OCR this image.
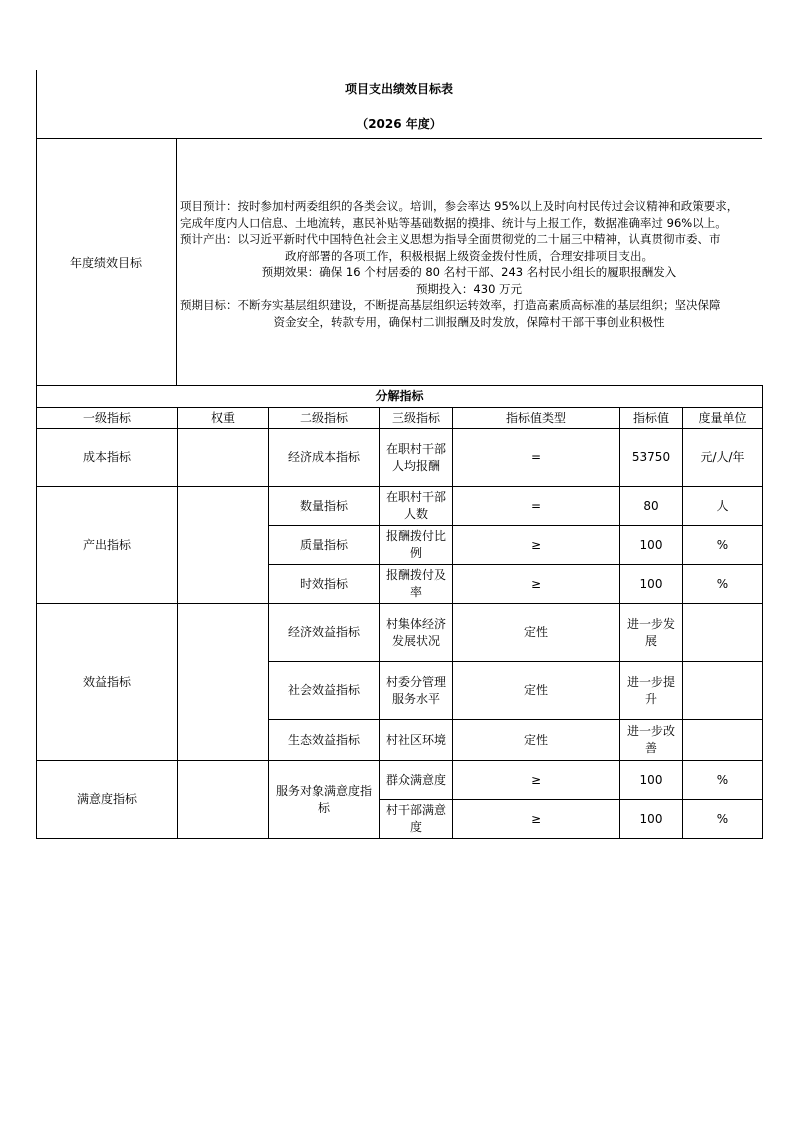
项目支出绩效目标表
（2026 年度）
年度绩效目标
项目预计：按时参加村两委组织的各类会议。培训，参会率达 95%以上及时向村民传过会议精神和政策要求，
完成年度内人口信息、土地流转，惠民补贴等基础数据的摸排、统计与上报工作，数据准确率过 96%以上。
预计产出：以习近平新时代中国特色社会主义思想为指导全面贯彻党的二十届三中精神，认真贯彻市委、市
政府部署的各项工作，积极根据上级资金拨付性质，合理安排项目支出。
预期效果：确保 16 个村居委的 80 名村干部、243 名村民小组长的履职报酬发入
预期投入：430 万元
预期目标：不断夯实基层组织建设，不断提高基层组织运转效率，打造高素质高标准的基层组织；坚决保障
资金安全，转款专用，确保村二训报酬及时发放，保障村干部干事创业积极性
分解指标						
一级指标	权重	二级指标	三级指标	指标值类型	指标值	度量单位
成本指标		经济成本指标	在职村干部人均报酬	=	53750	元/人/年
产出指标		数量指标	在职村干部人数	=	80	人
		质量指标	报酬拨付比例	≥	100	%
		时效指标	报酬拨付及率	≥	100	%
效益指标		经济效益指标	村集体经济发展状况	定性	进一步发展	
		社会效益指标	村委分管理服务水平	定性	进一步提升	
		生态效益指标	村社区环境	定性	进一步改善	
满意度指标		服务对象满意度指标	群众满意度	≥	100	%
			村干部满意度	≥	100	%
